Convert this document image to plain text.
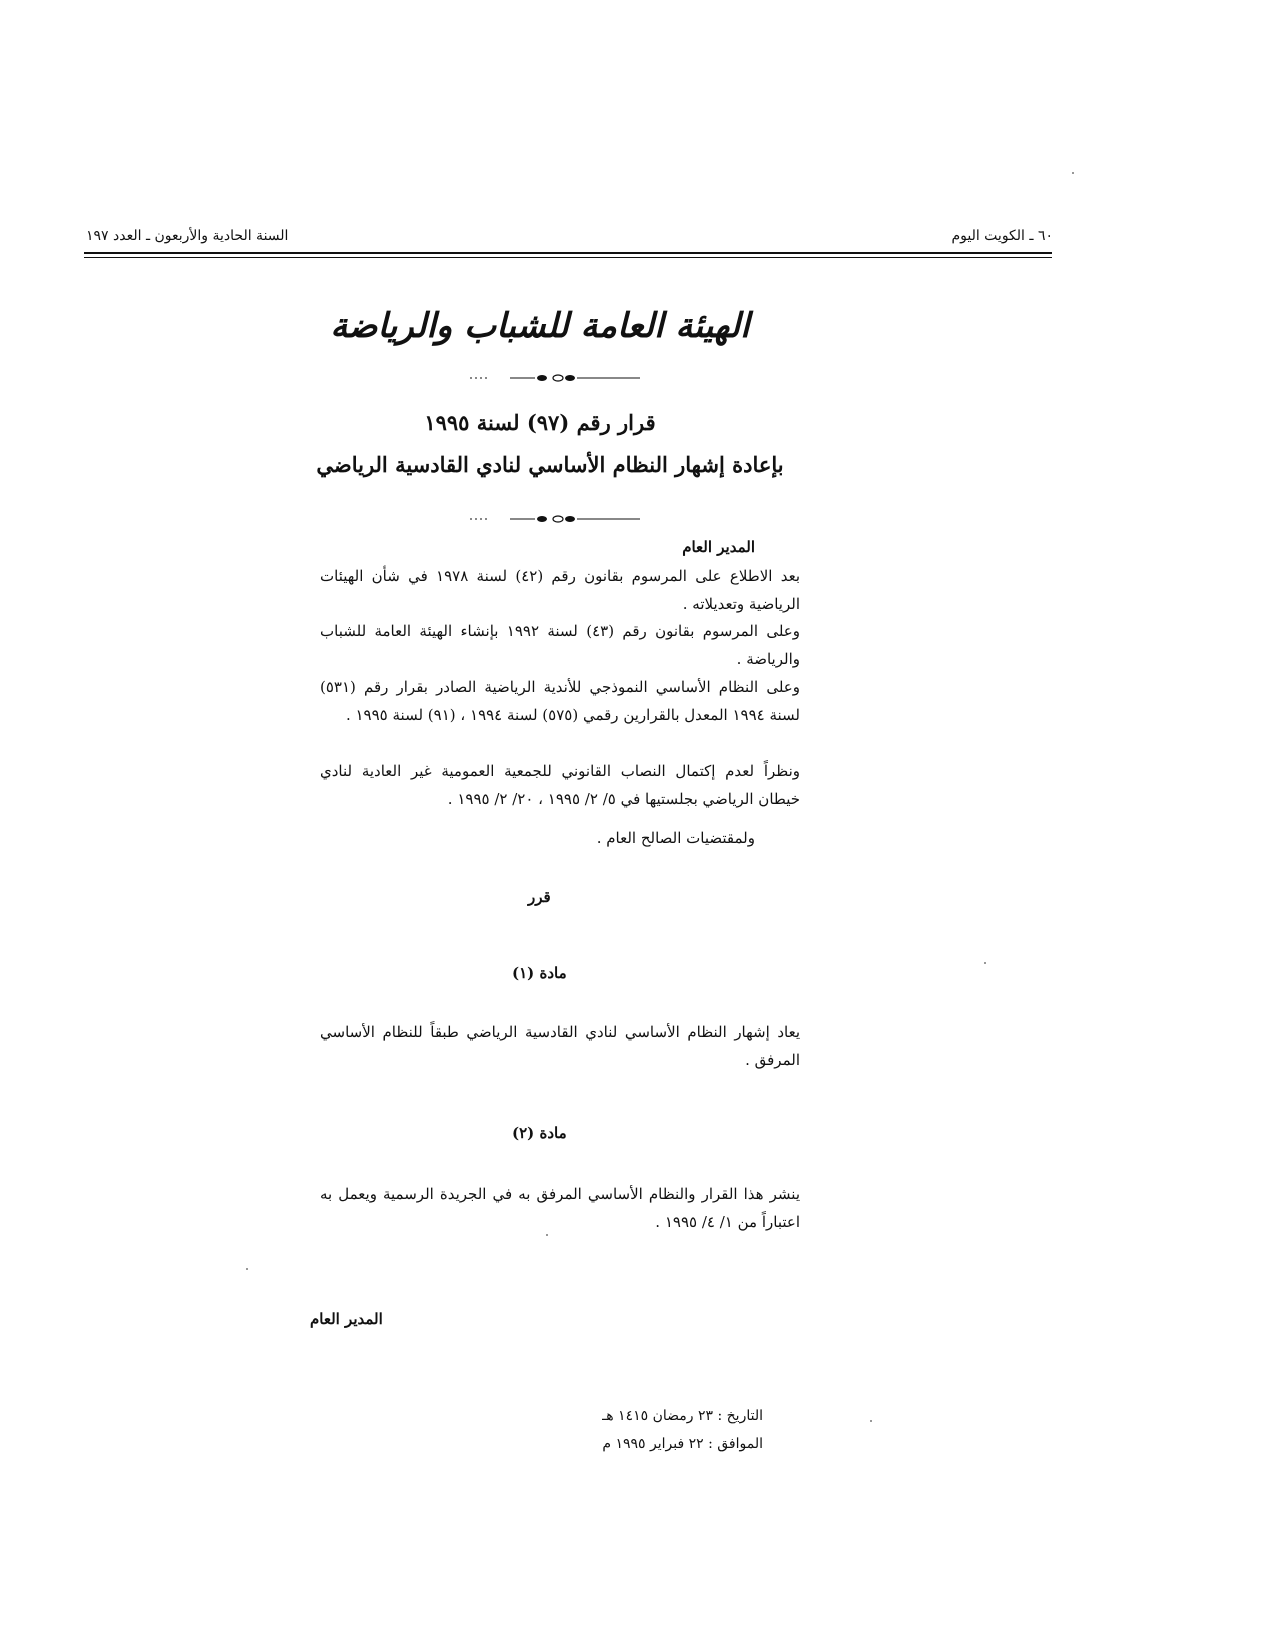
٦٠ ـ الكويت اليوم
السنة الحادية والأربعون ـ العدد ١٩٧
الهيئة العامة للشباب والرياضة
قرار رقم (٩٧) لسنة ١٩٩٥
بإعادة إشهار النظام الأساسي لنادي القادسية الرياضي
المدير العام
بعد الاطلاع على المرسوم بقانون رقم (٤٢) لسنة ١٩٧٨ في شأن الهيئات الرياضية وتعديلاته .
وعلى المرسوم بقانون رقم (٤٣) لسنة ١٩٩٢ بإنشاء الهيئة العامة للشباب والرياضة .
وعلى النظام الأساسي النموذجي للأندية الرياضية الصادر بقرار رقم (٥٣١) لسنة ١٩٩٤ المعدل بالقرارين رقمي (٥٧٥) لسنة ١٩٩٤ ، (٩١) لسنة ١٩٩٥ .
ونظراً لعدم إكتمال النصاب القانوني للجمعية العمومية غير العادية لنادي خيطان الرياضي بجلستيها في ٥/ ٢/ ١٩٩٥ ، ٢٠/ ٢/ ١٩٩٥ .
ولمقتضيات الصالح العام .
قرر
مادة (١)
يعاد إشهار النظام الأساسي لنادي القادسية الرياضي طبقاً للنظام الأساسي المرفق .
مادة (٢)
ينشر هذا القرار والنظام الأساسي المرفق به في الجريدة الرسمية ويعمل به اعتباراً من ١/ ٤/ ١٩٩٥ .
المدير العام
التاريخ : ٢٣ رمضان ١٤١٥ هـ
الموافق : ٢٢ فبراير ١٩٩٥ م
